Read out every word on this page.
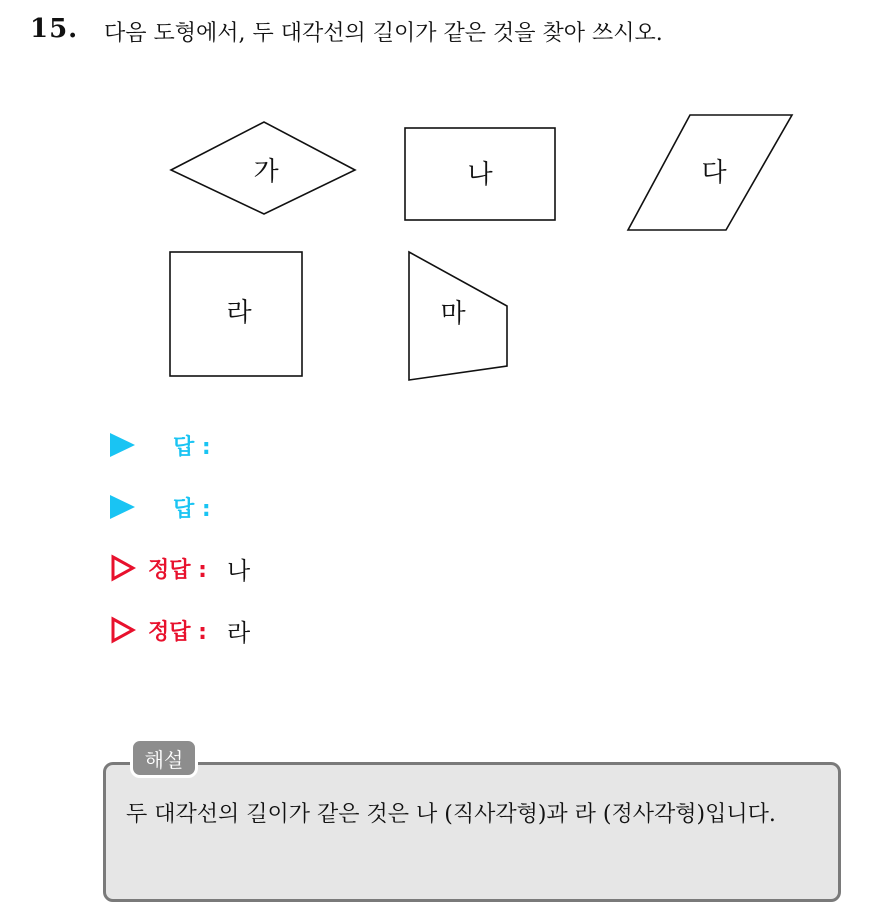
15. 다음 도형에서, 두 대각선의 길이가 같은 것을 찾아 쓰시오.
가	나	다
라	마
답 :
답 :
정답 : 나
정답 : 라
해설
두 대각선의 길이가 같은 것은 나 (직사각형)과 라 (정사각형)입니다.
